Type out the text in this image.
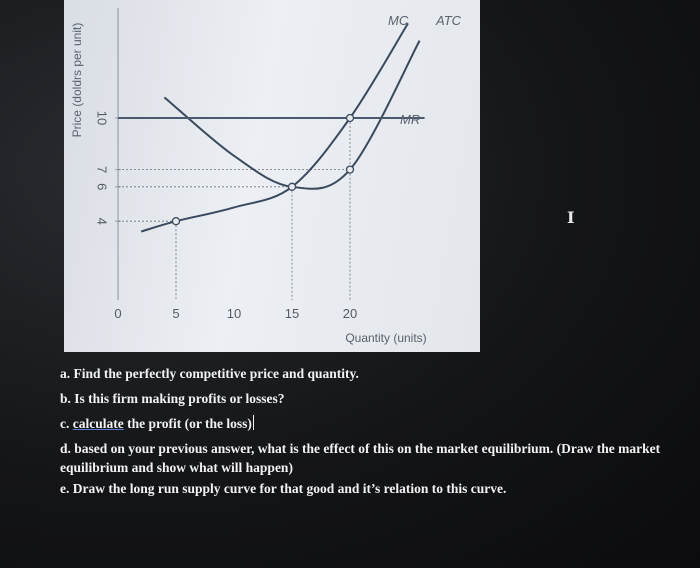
4
6
7
10
Price (doldrs per unit)
0	5	10	15	20
Quantity (units)
MC ATC
MR
a. Find the perfectly competitive price and quantity.
b. Is this firm making profits or losses?
c. calculate the profit (or the loss)
d. based on your previous answer, what is the effect of this on the market equilibrium. (Draw the market equilibrium and show what will happen)
e. Draw the long run supply curve for that good and it’s relation to this curve.
I
